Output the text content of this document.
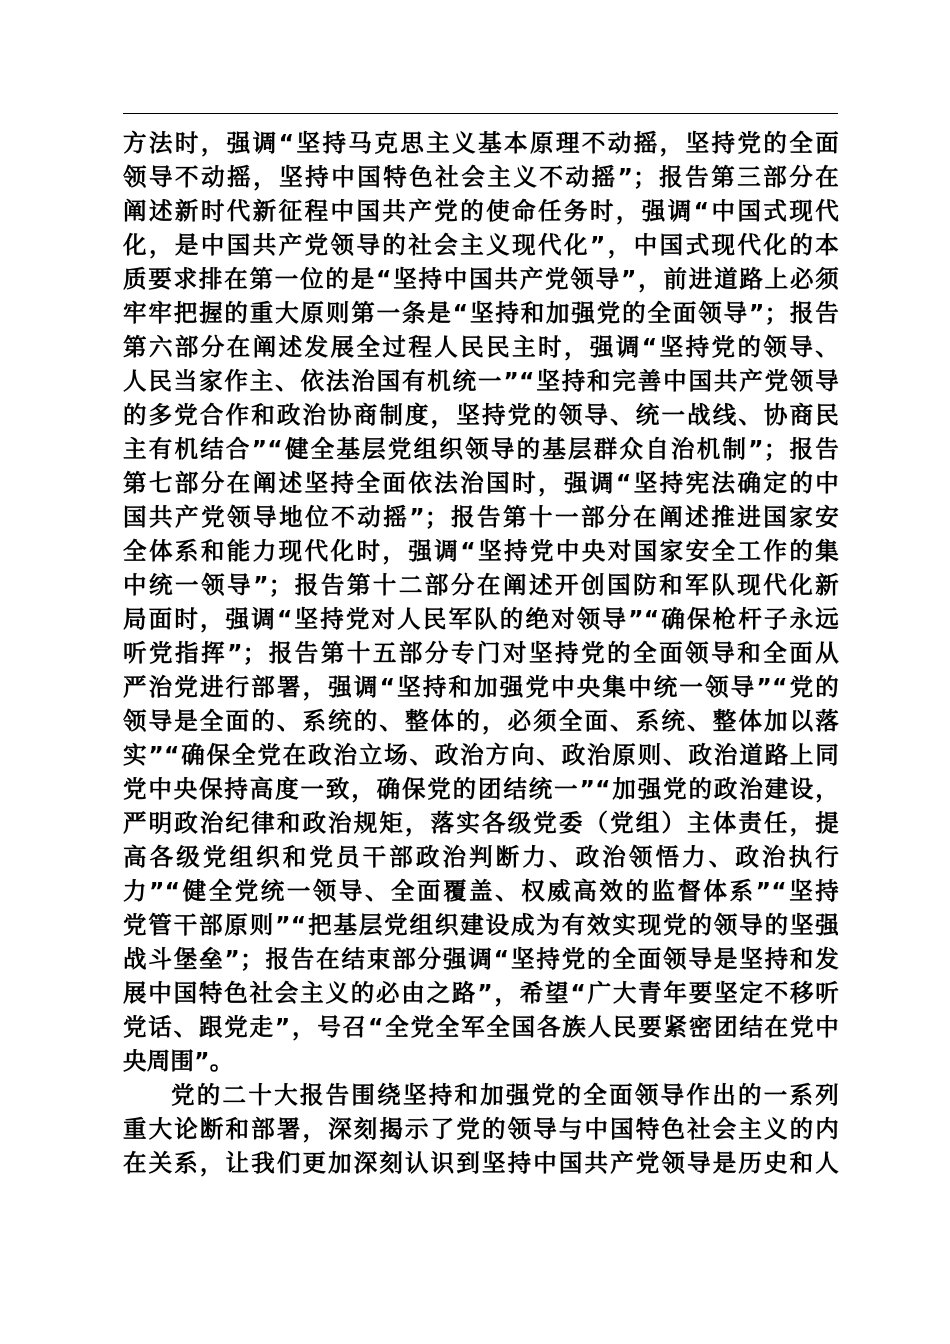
方法时，强调“坚持马克思主义基本原理不动摇，坚持党的全面
领导不动摇，坚持中国特色社会主义不动摇”；报告第三部分在
阐述新时代新征程中国共产党的使命任务时，强调“中国式现代
化，是中国共产党领导的社会主义现代化”，中国式现代化的本
质要求排在第一位的是“坚持中国共产党领导”，前进道路上必须
牢牢把握的重大原则第一条是“坚持和加强党的全面领导”；报告
第六部分在阐述发展全过程人民民主时，强调“坚持党的领导、
人民当家作主、依法治国有机统一”“坚持和完善中国共产党领导
的多党合作和政治协商制度，坚持党的领导、统一战线、协商民
主有机结合”“健全基层党组织领导的基层群众自治机制”；报告
第七部分在阐述坚持全面依法治国时，强调“坚持宪法确定的中
国共产党领导地位不动摇”；报告第十一部分在阐述推进国家安
全体系和能力现代化时，强调“坚持党中央对国家安全工作的集
中统一领导”；报告第十二部分在阐述开创国防和军队现代化新
局面时，强调“坚持党对人民军队的绝对领导”“确保枪杆子永远
听党指挥”；报告第十五部分专门对坚持党的全面领导和全面从
严治党进行部署，强调“坚持和加强党中央集中统一领导”“党的
领导是全面的、系统的、整体的，必须全面、系统、整体加以落
实”“确保全党在政治立场、政治方向、政治原则、政治道路上同
党中央保持高度一致，确保党的团结统一”“加强党的政治建设，
严明政治纪律和政治规矩，落实各级党委（党组）主体责任，提
高各级党组织和党员干部政治判断力、政治领悟力、政治执行
力”“健全党统一领导、全面覆盖、权威高效的监督体系”“坚持
党管干部原则”“把基层党组织建设成为有效实现党的领导的坚强
战斗堡垒”；报告在结束部分强调“坚持党的全面领导是坚持和发
展中国特色社会主义的必由之路”，希望“广大青年要坚定不移听
党话、跟党走”，号召“全党全军全国各族人民要紧密团结在党中
央周围”。
党的二十大报告围绕坚持和加强党的全面领导作出的一系列
重大论断和部署，深刻揭示了党的领导与中国特色社会主义的内
在关系，让我们更加深刻认识到坚持中国共产党领导是历史和人
